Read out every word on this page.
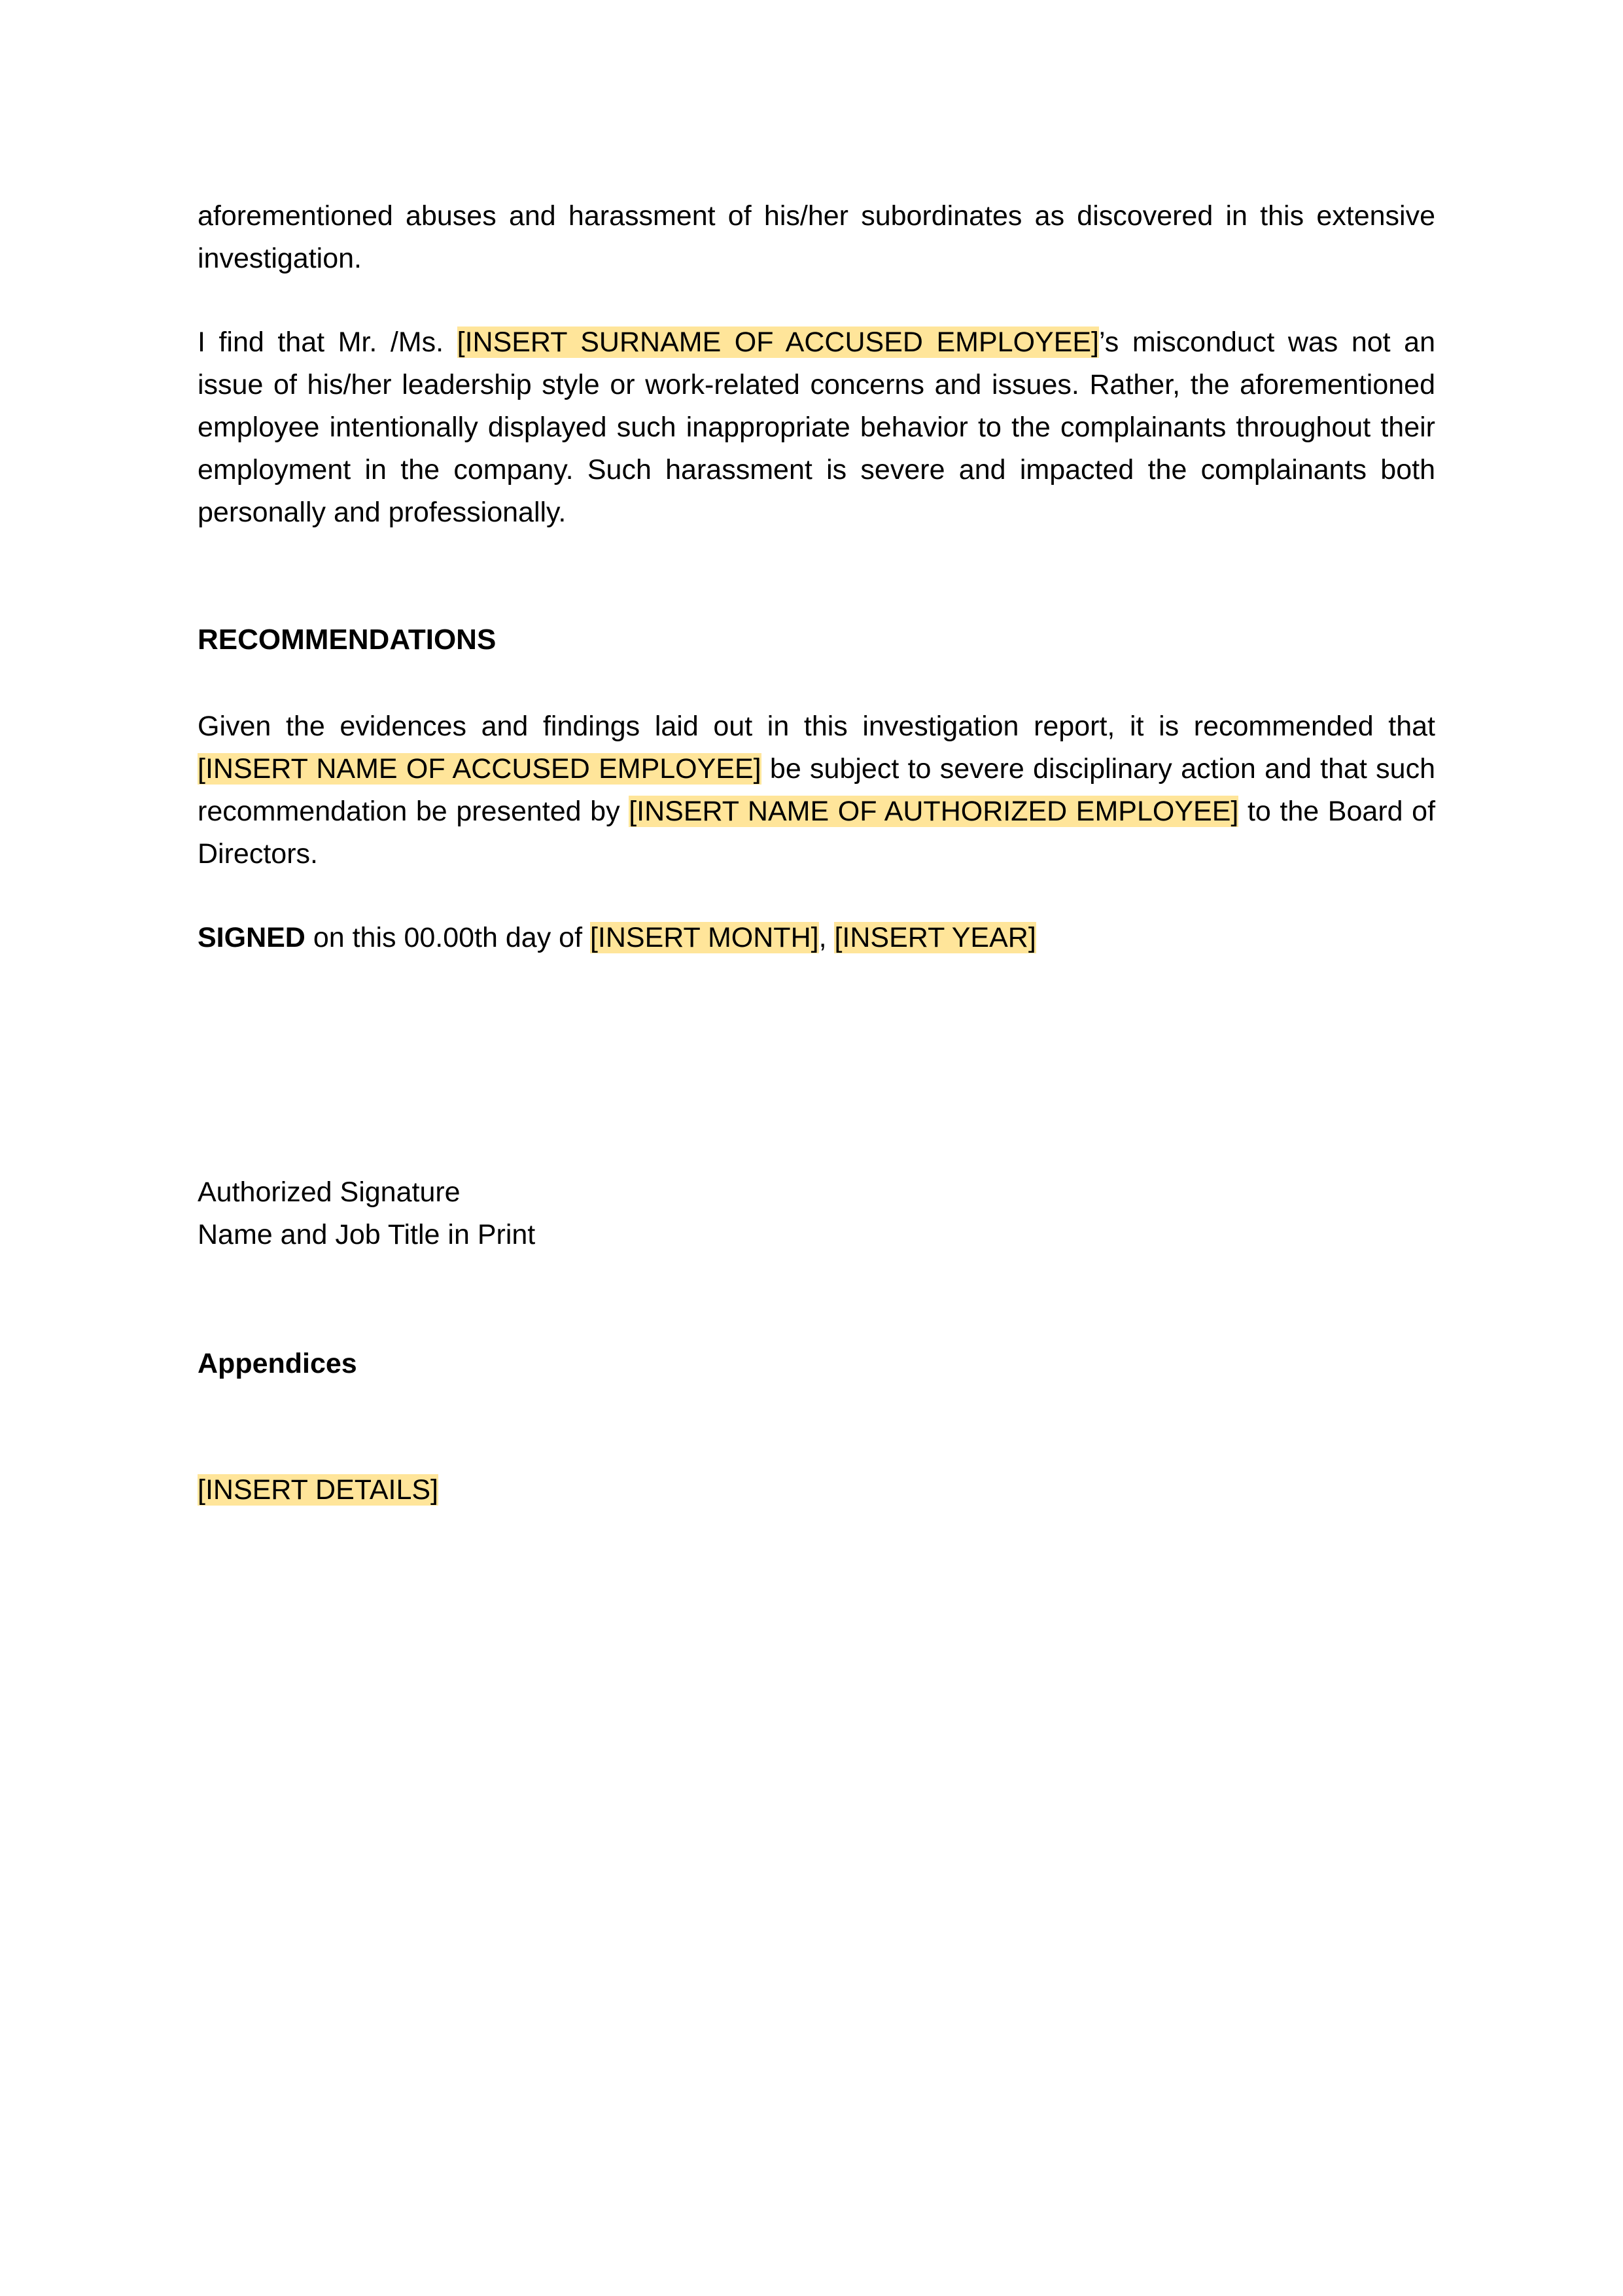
aforementioned abuses and harassment of his/her subordinates as discovered in this extensive investigation.

I find that Mr. /Ms. [INSERT SURNAME OF ACCUSED EMPLOYEE]’s misconduct was not an issue of his/her leadership style or work-related concerns and issues. Rather, the aforementioned employee intentionally displayed such inappropriate behavior to the complainants throughout their employment in the company. Such harassment is severe and impacted the complainants both personally and professionally.

RECOMMENDATIONS

Given the evidences and findings laid out in this investigation report, it is recommended that [INSERT NAME OF ACCUSED EMPLOYEE] be subject to severe disciplinary action and that such recommendation be presented by [INSERT NAME OF AUTHORIZED EMPLOYEE] to the Board of Directors.

SIGNED on this 00.00th day of [INSERT MONTH], [INSERT YEAR]

Authorized Signature
Name and Job Title in Print
Appendices
[INSERT DETAILS]
